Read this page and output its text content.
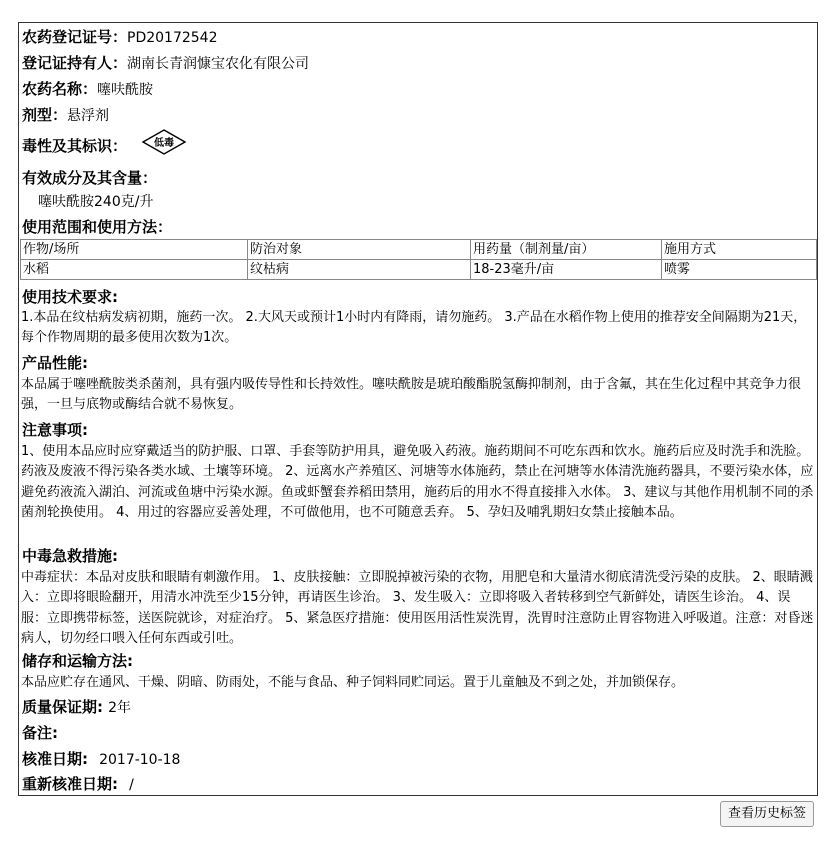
农药登记证号：PD20172542
登记证持有人：湖南长青润慷宝农化有限公司
农药名称：噻呋酰胺
剂型：悬浮剂
毒性及其标识：	低毒
有效成分及其含量：
噻呋酰胺240克/升
使用范围和使用方法：
作物/场所	防治对象	用药量（制剂量/亩）	施用方式
水稻	纹枯病	18-23毫升/亩	喷雾
使用技术要求:
1.本品在纹枯病发病初期，施药一次。 2.大风天或预计1小时内有降雨，请勿施药。 3.产品在水稻作物上使用的推荐安全间隔期为21天，每个作物周期的最多使用次数为1次。
产品性能:
本品属于噻唑酰胺类杀菌剂，具有强内吸传导性和长持效性。噻呋酰胺是琥珀酸酯脱氢酶抑制剂，由于含氟，其在生化过程中其竞争力很强，一旦与底物或酶结合就不易恢复。
注意事项:
1、使用本品应时应穿戴适当的防护服、口罩、手套等防护用具，避免吸入药液。施药期间不可吃东西和饮水。施药后应及时洗手和洗脸。药液及废液不得污染各类水域、土壤等环境。 2、远离水产养殖区、河塘等水体施药，禁止在河塘等水体清洗施药器具，不要污染水体，应避免药液流入湖泊、河流或鱼塘中污染水源。鱼或虾蟹套养稻田禁用，施药后的用水不得直接排入水体。 3、建议与其他作用机制不同的杀菌剂轮换使用。 4、用过的容器应妥善处理，不可做他用，也不可随意丢弃。 5、孕妇及哺乳期妇女禁止接触本品。
中毒急救措施:
中毒症状：本品对皮肤和眼睛有刺激作用。 1、皮肤接触：立即脱掉被污染的衣物，用肥皂和大量清水彻底清洗受污染的皮肤。 2、眼睛溅入：立即将眼睑翻开，用清水冲洗至少15分钟，再请医生诊治。 3、发生吸入：立即将吸入者转移到空气新鲜处，请医生诊治。 4、误服：立即携带标签，送医院就诊，对症治疗。 5、紧急医疗措施：使用医用活性炭洗胃，洗胃时注意防止胃容物进入呼吸道。注意：对昏迷病人，切勿经口喂入任何东西或引吐。
储存和运输方法:
本品应贮存在通风、干燥、阴暗、防雨处，不能与食品、种子饲料同贮同运。置于儿童触及不到之处，并加锁保存。
质量保证期: 2年
备注:
核准日期: 2017-10-18
重新核准日期: /
查看历史标签
